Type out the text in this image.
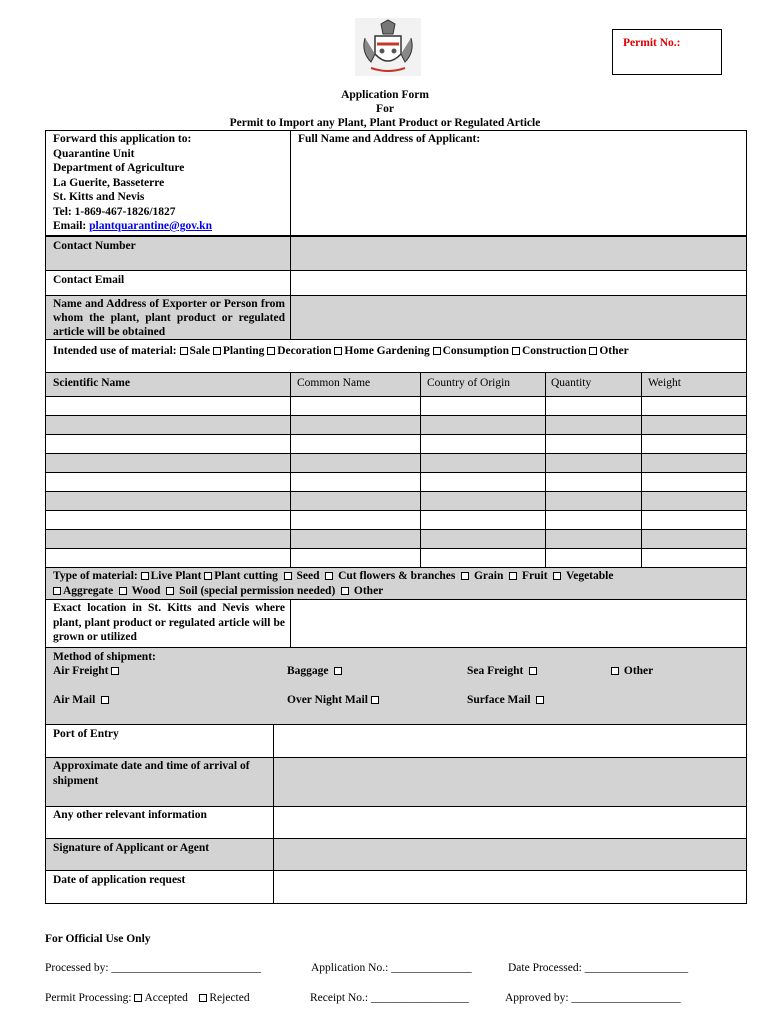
Permit No.:
Application Form
For
Permit to Import any Plant, Plant Product or Regulated Article
Forward this application to:
Quarantine Unit
Department of Agriculture
La Guerite, Basseterre
St. Kitts and Nevis
Tel: 1-869-467-1826/1827
Email: plantquarantine@gov.kn
Full Name and Address of Applicant:
Contact Number
Contact Email
Name and Address of Exporter or Person from whom the plant, plant product or regulated article will be obtained
Intended use of material: Sale Planting Decoration Home Gardening Consumption Construction Other
Scientific Name	Common Name	Country of Origin	Quantity	Weight
Type of material: Live Plant Plant cutting Seed Cut flowers & branches Grain Fruit Vegetable
Aggregate Wood Soil (special permission needed) Other
Exact location in St. Kitts and Nevis where plant, plant product or regulated article will be grown or utilized
Method of shipment:
Air Freight	Baggage	Sea Freight	Other
Air Mail	Over Night Mail	Surface Mail
Port of Entry
Approximate date and time of arrival of shipment
Any other relevant information
Signature of Applicant or Agent
Date of application request
For Official Use Only
Processed by: __________________________	Application No.: ______________	Date Processed: __________________
Permit Processing: Accepted Rejected	Receipt No.: _________________	Approved by: ___________________
